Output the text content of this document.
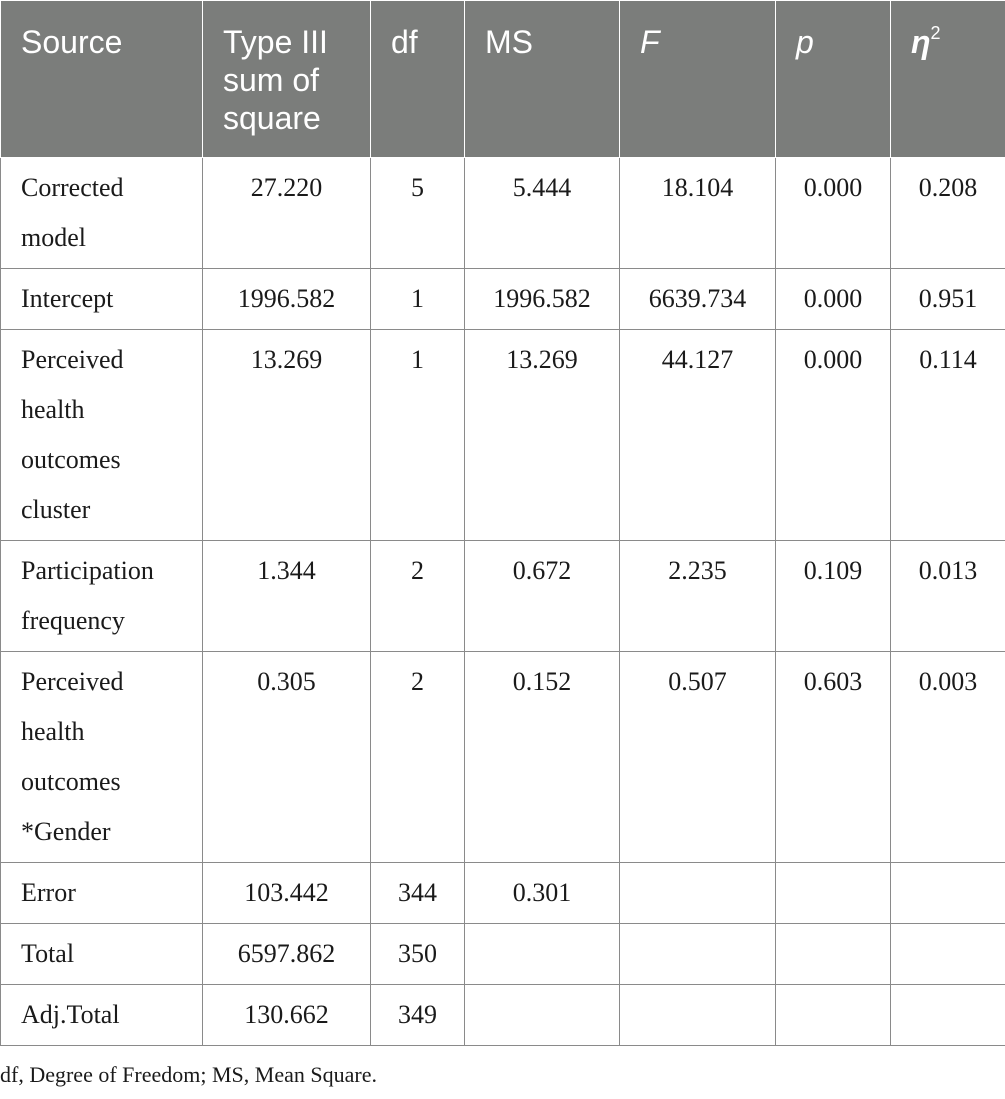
Source	Type III sum of square	df	MS	F	p	$\eta^2$
Corrected model	27.220	5	5.444	18.104	0.000	0.208
Intercept	1996.582	1	1996.582	6639.734	0.000	0.951
Perceived health outcomes cluster	13.269	1	13.269	44.127	0.000	0.114
Participation frequency	1.344	2	0.672	2.235	0.109	0.013
Perceived health outcomes *Gender	0.305	2	0.152	0.507	0.603	0.003
Error	103.442	344	0.301			
Total	6597.862	350				
Adj.Total	130.662	349				
df, Degree of Freedom; MS, Mean Square.
